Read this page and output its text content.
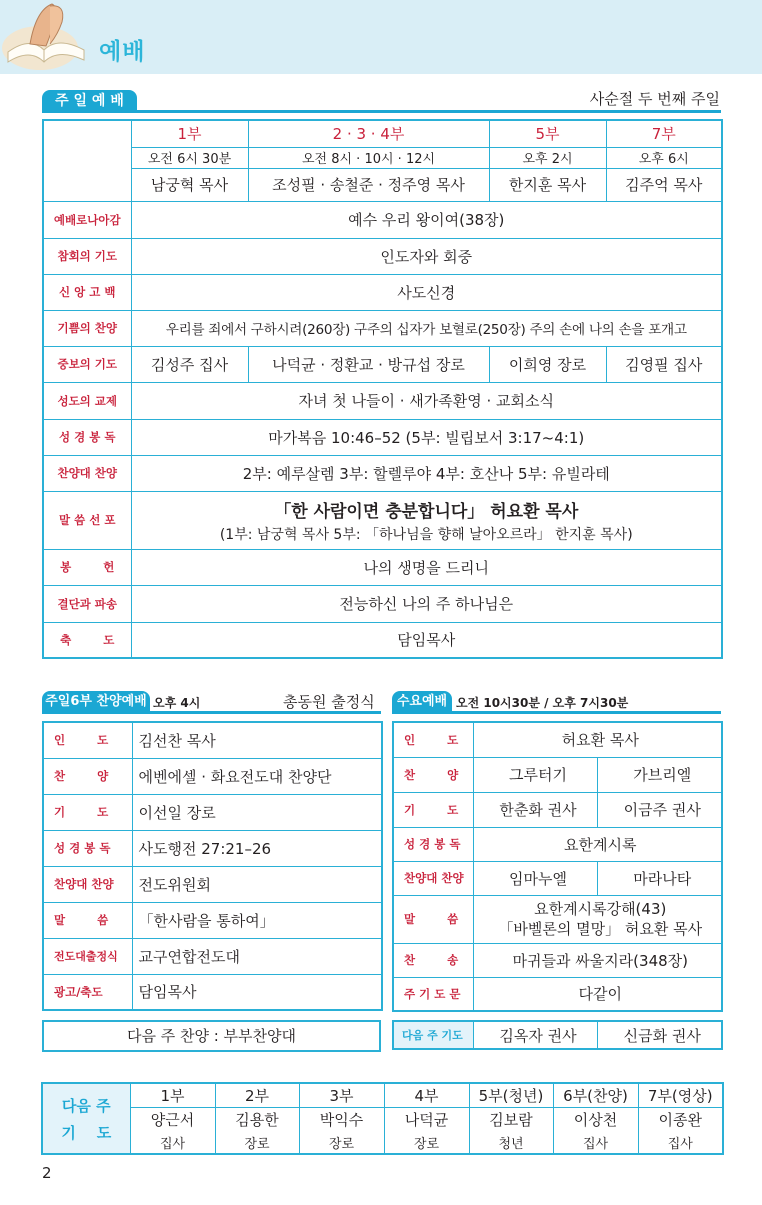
예배
주 일 예 배	사순절 두 번째 주일
	1부	2 · 3 · 4부	5부	7부
	오전 6시 30분	오전 8시 · 10시 · 12시	오후 2시	오후 6시
	남궁혁 목사	조성필 · 송철준 · 정주영 목사	한지훈 목사	김주억 목사
예배로나아감	예수 우리 왕이여(38장)			
참회의 기도	인도자와 회중			
신 앙 고 백	사도신경			
기쁨의 찬양	우리를 죄에서 구하시려(260장) 구주의 십자가 보혈로(250장) 주의 손에 나의 손을 포개고			
중보의 기도	김성주 집사	나덕균 · 정환교 · 방규섭 장로	이희영 장로	김영필 집사
성도의 교제	자녀 첫 나들이 · 새가족환영 · 교회소식			
성 경 봉 독	마가복음 10:46–52 (5부: 빌립보서 3:17~4:1)			
찬양대 찬양	2부: 예루살렘 3부: 할렐루야 4부: 호산나 5부: 유빌라테			
말 씀 선 포	「한 사람이면 충분합니다」 허요환 목사
(1부: 남궁혁 목사 5부: 「하나님을 향해 날아오르라」 한지훈 목사)			

봉        헌	나의 생명을 드리니			
결단과 파송	전능하신 나의 주 하나님은			
축        도	담임목사			
주일6부 찬양예배 오후 4시	총동원 출정식
인        도	김선찬 목사
찬        양	에벤에셀 · 화요전도대 찬양단
기        도	이선일 장로
성 경 봉 독	사도행전 27:21–26
찬양대 찬양	전도위원회
말        씀	「한사람을 통하여」
전도대출정식	교구연합전도대
광고/축도	담임목사
다음 주 찬양 : 부부찬양대
수요예배 오전 10시30분 / 오후 7시30분
인        도	허요환 목사	
찬        양	그루터기	가브리엘
기        도	한춘화 권사	이금주 권사
성 경 봉 독	요한계시록	
찬양대 찬양	임마누엘	마라나타
말        씀	요한계시록강해(43)
「바벨론의 멸망」 허요환 목사	

찬        송	마귀들과 싸울지라(348장)	
주 기 도 문	다같이	
다음 주 기도	김옥자 권사	신금화 권사
다음 주
기    도	1부	2부	3부	4부	5부(청년)	6부(찬양)	7부(영상)
	양근서	김용한	박익수	나덕균	김보람	이상천	이종완
	집사	장로	장로	장로	청년	집사	집사
2
